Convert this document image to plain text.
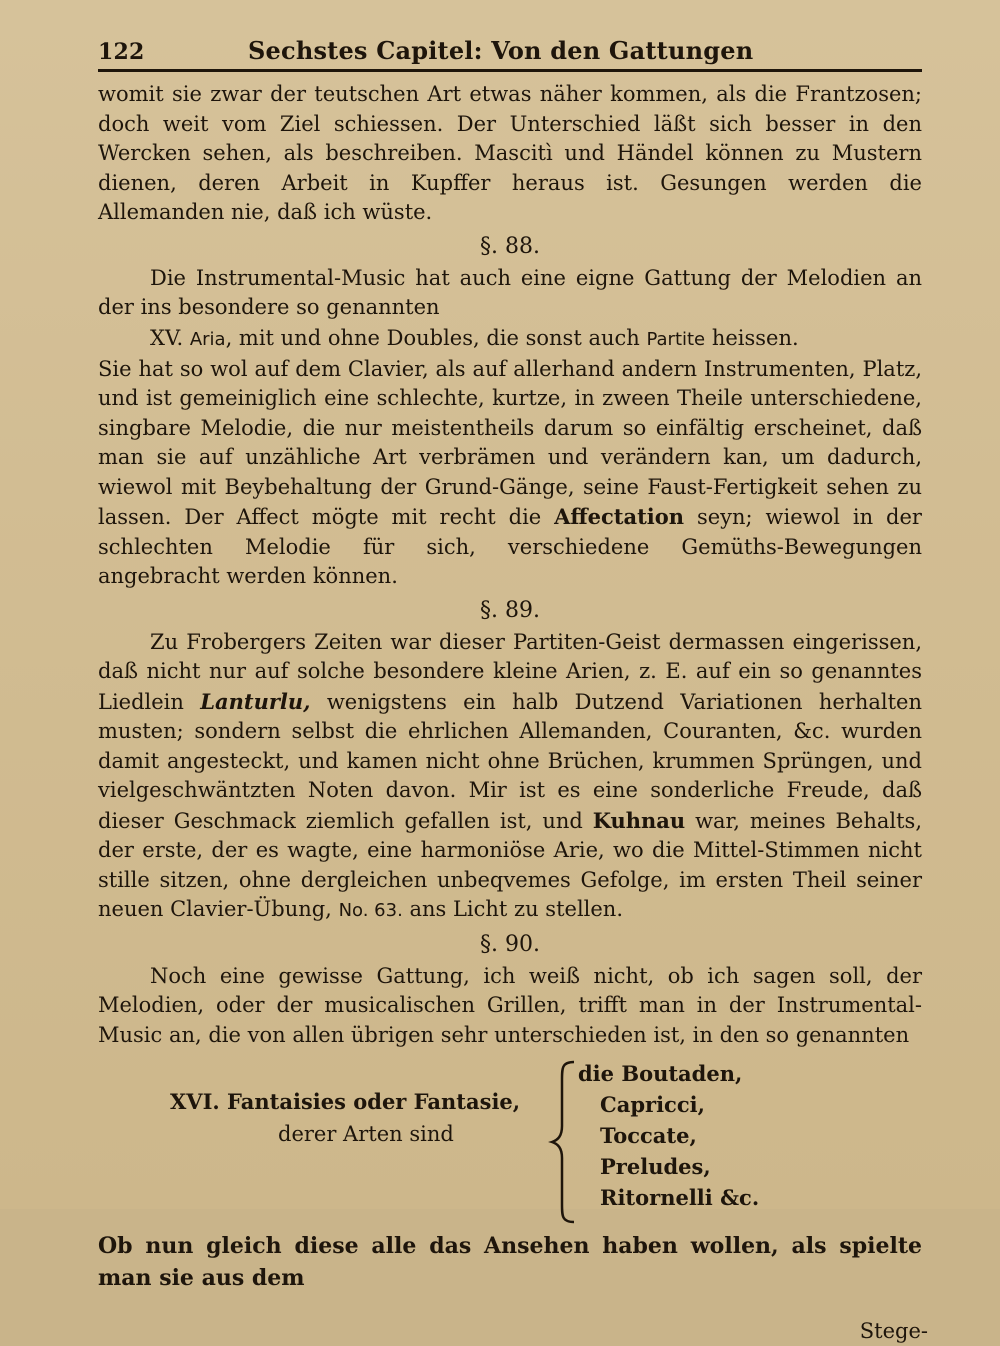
122	Sechstes Capitel: Von den Gattungen

womit sie zwar der teutschen Art etwas näher kommen, als die Frantzosen; doch weit vom Ziel schiessen. Der Unterschied läßt sich besser in den Wercken sehen, als beschreiben. Mascitì und Händel können zu Mustern dienen, deren Arbeit in Kupffer heraus ist. Gesungen werden die Allemanden nie, daß ich wüste.

§. 88.

Die Instrumental-Music hat auch eine eigne Gattung der Melodien an der ins besondere so genannten

XV. Aria, mit und ohne Doubles, die sonst auch Partite heissen.

Sie hat so wol auf dem Clavier, als auf allerhand andern Instrumenten, Platz, und ist gemeiniglich eine schlechte, kurtze, in zween Theile unterschiedene, singbare Melodie, die nur meistentheils darum so einfältig erscheinet, daß man sie auf unzähliche Art verbrämen und verändern kan, um dadurch, wiewol mit Beybehaltung der Grund-Gänge, seine Faust-Fertigkeit sehen zu lassen. Der Affect mögte mit recht die Affectation seyn; wiewol in der schlechten Melodie für sich, verschiedene Gemüths-Bewegungen angebracht werden können.

§. 89.

Zu Frobergers Zeiten war dieser Partiten-Geist dermassen eingerissen, daß nicht nur auf solche besondere kleine Arien, z. E. auf ein so genanntes Liedlein Lanturlu, wenigstens ein halb Dutzend Variationen herhalten musten; sondern selbst die ehrlichen Allemanden, Couranten, &c. wurden damit angesteckt, und kamen nicht ohne Brüchen, krummen Sprüngen, und vielgeschwäntzten Noten davon. Mir ist es eine sonderliche Freude, daß dieser Geschmack ziemlich gefallen ist, und Kuhnau war, meines Behalts, der erste, der es wagte, eine harmoniöse Arie, wo die Mittel-Stimmen nicht stille sitzen, ohne dergleichen unbeqvemes Gefolge, im ersten Theil seiner neuen Clavier-Übung, No. 63. ans Licht zu stellen.

§. 90.

Noch eine gewisse Gattung, ich weiß nicht, ob ich sagen soll, der Melodien, oder der musicalischen Grillen, trifft man in der Instrumental-Music an, die von allen übrigen sehr unterschieden ist, in den so genannten

XVI. Fantaisies oder Fantasie,
derer Arten sind
die Boutaden,
Capricci,
Toccate,
Preludes,
Ritornelli &c.

Ob nun gleich diese alle das Ansehen haben wollen, als spielte man sie aus dem

Stege-
